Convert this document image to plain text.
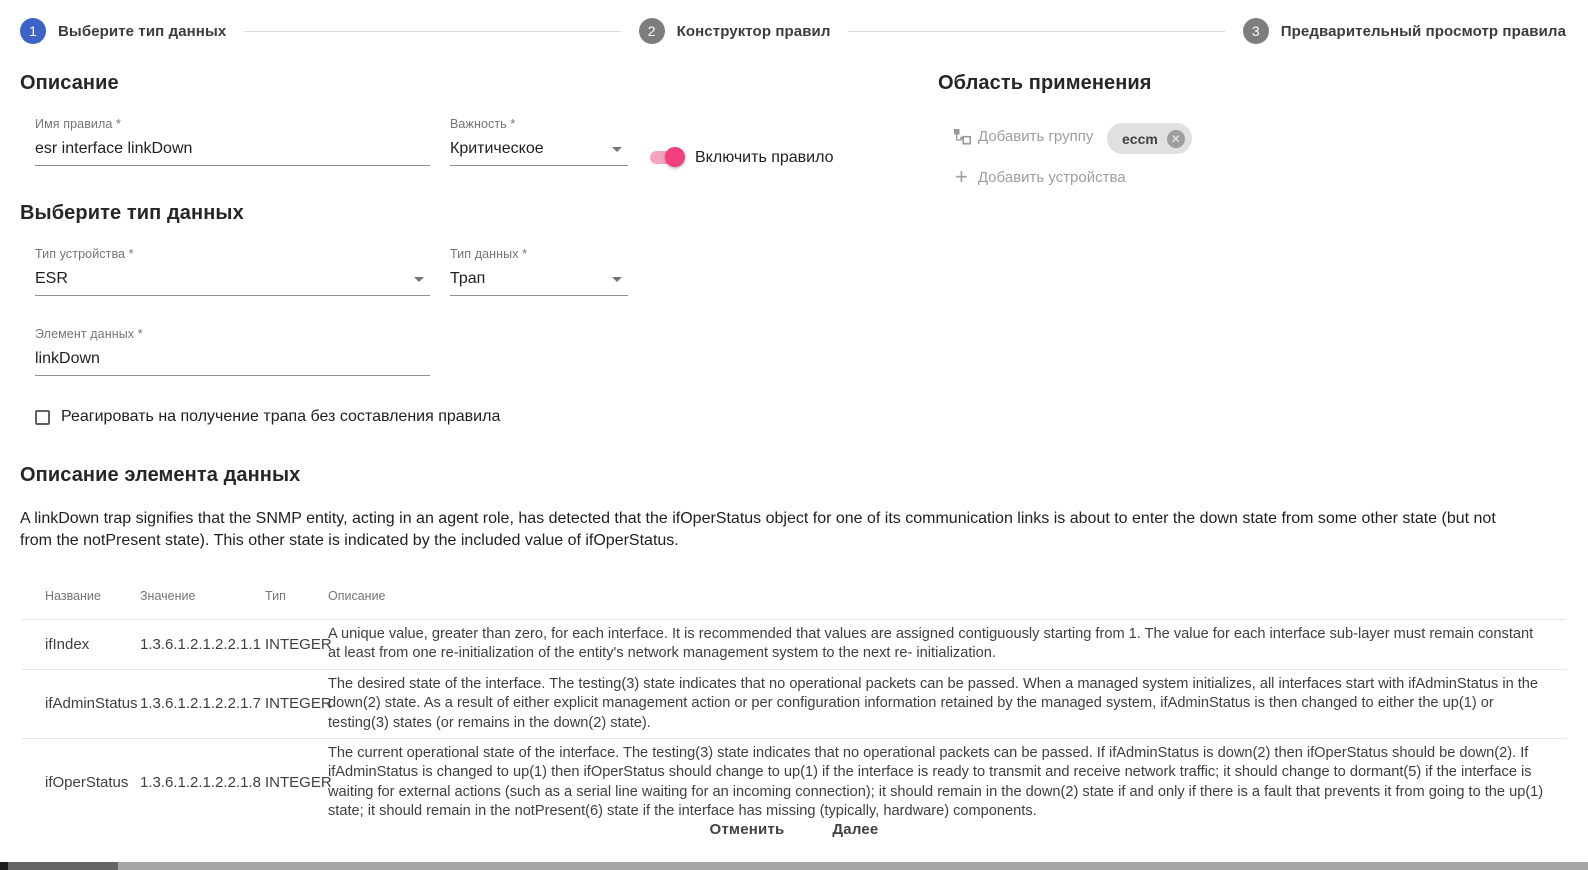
1	Выберите тип данных	2	Конструктор правил	3	Предварительный просмотр правила
Описание
Имя правила *
esr interface linkDown	Важность *
Критическое
Включить правило
Область применения
Добавить группу eccm	✕
+ Добавить устройства
Выберите тип данных
Тип устройства *
ESR
Тип данных *
Трап
Элемент данных *
linkDown
Реагировать на получение трапа без составления правила
Описание элемента данных
A linkDown trap signifies that the SNMP entity, acting in an agent role, has detected that the ifOperStatus object for one of its communication links is about to enter the down state from some other state (but not from the notPresent state). This other state is indicated by the included value of ifOperStatus.
Название	Значение	Тип	Описание
ifIndex	1.3.6.1.2.1.2.2.1.1 INTEGER
A unique value, greater than zero, for each interface. It is recommended that values are assigned contiguously starting from 1. The value for each interface sub-layer must remain constant at least from one re-initialization of the entity's network management system to the next re- initialization.
ifAdminStatus 1.3.6.1.2.1.2.2.1.7 INTEGER
The desired state of the interface. The testing(3) state indicates that no operational packets can be passed. When a managed system initializes, all interfaces start with ifAdminStatus in the down(2) state. As a result of either explicit management action or per configuration information retained by the managed system, ifAdminStatus is then changed to either the up(1) or testing(3) states (or remains in the down(2) state).
ifOperStatus 1.3.6.1.2.1.2.2.1.8 INTEGER
The current operational state of the interface. The testing(3) state indicates that no operational packets can be passed. If ifAdminStatus is down(2) then ifOperStatus should be down(2). If ifAdminStatus is changed to up(1) then ifOperStatus should change to up(1) if the interface is ready to transmit and receive network traffic; it should change to dormant(5) if the interface is waiting for external actions (such as a serial line waiting for an incoming connection); it should remain in the down(2) state if and only if there is a fault that prevents it from going to the up(1) state; it should remain in the notPresent(6) state if the interface has missing (typically, hardware) components.
Отменить	Далее
